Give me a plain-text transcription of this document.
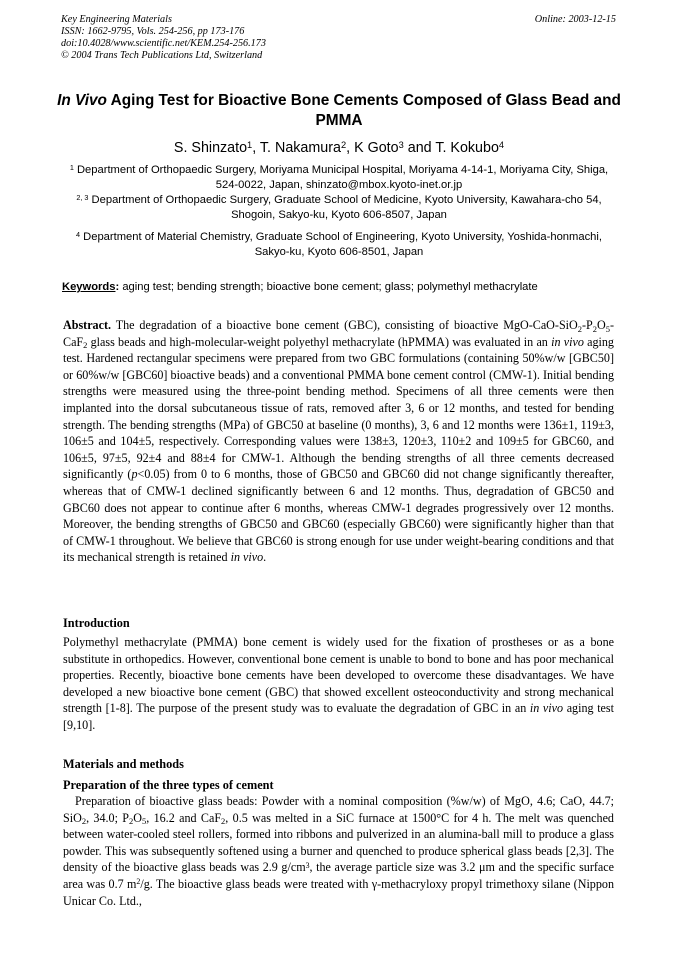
Key Engineering Materials
ISSN: 1662-9795, Vols. 254-256, pp 173-176
doi:10.4028/www.scientific.net/KEM.254-256.173
© 2004 Trans Tech Publications Ltd, Switzerland
Online: 2003-12-15
In Vivo Aging Test for Bioactive Bone Cements Composed of Glass Bead and PMMA
S. Shinzato$^1$, T. Nakamura$^2$, K Goto$^3$ and T. Kokubo$^4$
$^1$ Department of Orthopaedic Surgery, Moriyama Municipal Hospital, Moriyama 4-14-1, Moriyama City, Shiga, 524-0022, Japan, shinzato@mbox.kyoto-inet.or.jp
$^{2, 3}$ Department of Orthopaedic Surgery, Graduate School of Medicine, Kyoto University, Kawahara-cho 54, Shogoin, Sakyo-ku, Kyoto 606-8507, Japan
$^4$ Department of Material Chemistry, Graduate School of Engineering, Kyoto University, Yoshida-honmachi, Sakyo-ku, Kyoto 606-8501, Japan
Keywords: aging test; bending strength; bioactive bone cement; glass; polymethyl methacrylate
Abstract. The degradation of a bioactive bone cement (GBC), consisting of bioactive MgO-$CaO-SiO_2-P_2O_5-CaF_2$ glass beads and high-molecular-weight polyethyl methacrylate (hPMMA) was evaluated in an in vivo aging test. Hardened rectangular specimens were prepared from two GBC formulations (containing 50%w/w [GBC50] or 60%w/w [GBC60] bioactive beads) and a conventional PMMA bone cement control (CMW-1). Initial bending strengths were measured using the three-point bending method. Specimens of all three cements were then implanted into the dorsal subcutaneous tissue of rats, removed after 3, 6 or 12 months, and tested for bending strength. The bending strengths (MPa) of GBC50 at baseline (0 months), 3, 6 and 12 months were 136±1, 119±3, 106±5 and 104±5, respectively. Corresponding values were 138±3, 120±3, 110±2 and 109±5 for GBC60, and 106±5, 97±5, 92±4 and 88±4 for CMW-1. Although the bending strengths of all three cements decreased significantly (p<0.05) from 0 to 6 months, those of GBC50 and GBC60 did not change significantly thereafter, whereas that of CMW-1 declined significantly between 6 and 12 months. Thus, degradation of GBC50 and GBC60 does not appear to continue after 6 months, whereas CMW-1 degrades progressively over 12 months. Moreover, the bending strengths of GBC50 and GBC60 (especially GBC60) were significantly higher than that of CMW-1 throughout. We believe that GBC60 is strong enough for use under weight-bearing conditions and that its mechanical strength is retained in vivo.
Introduction
Polymethyl methacrylate (PMMA) bone cement is widely used for the fixation of prostheses or as a bone substitute in orthopedics. However, conventional bone cement is unable to bond to bone and has poor mechanical properties. Recently, bioactive bone cements have been developed to overcome these disadvantages. We have developed a new bioactive bone cement (GBC) that showed excellent osteoconductivity and strong mechanical strength [1-8]. The purpose of the present study was to evaluate the degradation of GBC in an in vivo aging test [9,10].
Materials and methods
Preparation of the three types of cement
Preparation of bioactive glass beads: Powder with a nominal composition (%w/w) of MgO, 4.6; CaO, 44.7; SiO$_2$, 34.0; $P_2O_5$, 16.2 and CaF$_2$, 0.5 was melted in a SiC furnace at 1500°C for 4 h. The melt was quenched between water-cooled steel rollers, formed into ribbons and pulverized in an alumina-ball mill to produce a glass powder. This was subsequently softened using a burner and quenched to produce spherical glass beads [2,3]. The density of the bioactive glass beads was 2.9 $g/cm^3$, the average particle size was 3.2 μm and the specific surface area was 0.7 $m^2/g$. The bioactive glass beads were treated with γ-methacryloxy propyl trimethoxy silane (Nippon Unicar Co. Ltd.,
